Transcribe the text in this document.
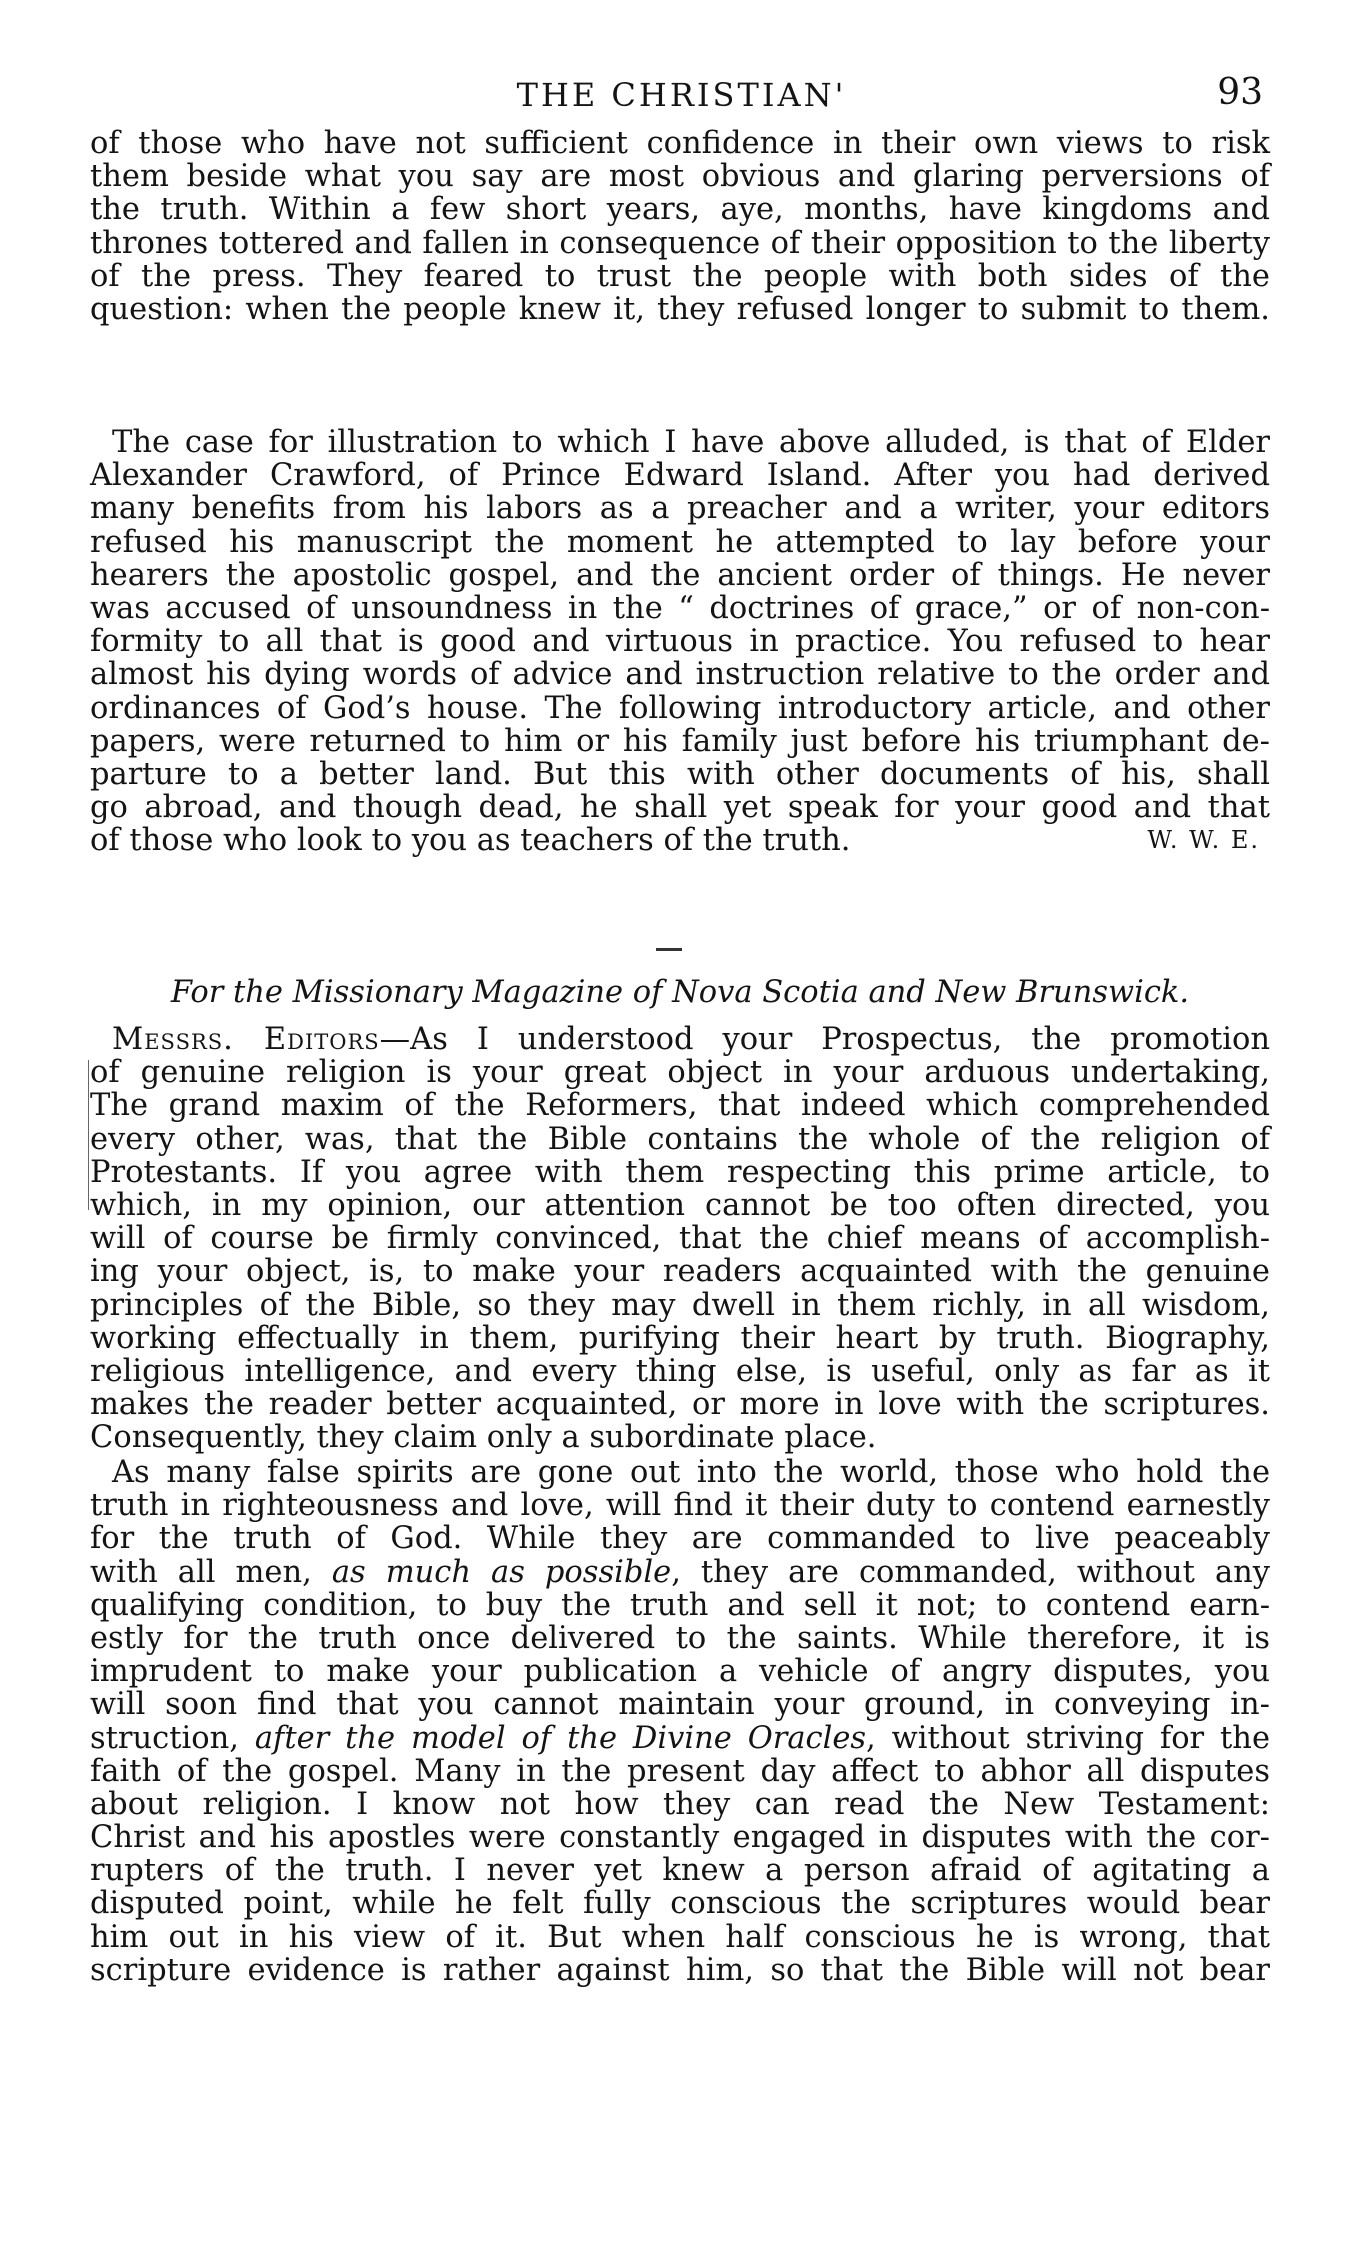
THE CHRISTIAN'	93
of those who have not sufficient confidence in their own views to risk
them beside what you say are most obvious and glaring perversions of
the truth. Within a few short years, aye, months, have kingdoms and
thrones tottered and fallen in consequence of their opposition to the liberty
of the press. They feared to trust the people with both sides of the
question: when the people knew it, they refused longer to submit to them.
The case for illustration to which I have above alluded, is that of Elder
Alexander Crawford, of Prince Edward Island. After you had derived
many benefits from his labors as a preacher and a writer, your editors
refused his manuscript the moment he attempted to lay before your
hearers the apostolic gospel, and the ancient order of things. He never
was accused of unsoundness in the “ doctrines of grace,” or of non-con-
formity to all that is good and virtuous in practice. You refused to hear
almost his dying words of advice and instruction relative to the order and
ordinances of God’s house. The following introductory article, and other
papers, were returned to him or his family just before his triumphant de-
parture to a better land. But this with other documents of his, shall
go abroad, and though dead, he shall yet speak for your good and that
of those who look to you as teachers of the truth.	W. W. E.
For the Missionary Magazine of Nova Scotia and New Brunswick.
Messrs. Editors—As I understood your Prospectus, the promotion
of genuine religion is your great object in your arduous undertaking,
The grand maxim of the Reformers, that indeed which comprehended
every other, was, that the Bible contains the whole of the religion of
Protestants. If you agree with them respecting this prime article, to
which, in my opinion, our attention cannot be too often directed, you
will of course be firmly convinced, that the chief means of accomplish-
ing your object, is, to make your readers acquainted with the genuine
principles of the Bible, so they may dwell in them richly, in all wisdom,
working effectually in them, purifying their heart by truth. Biography,
religious intelligence, and every thing else, is useful, only as far as it
makes the reader better acquainted, or more in love with the scriptures.
Consequently, they claim only a subordinate place.
As many false spirits are gone out into the world, those who hold the
truth in righteousness and love, will find it their duty to contend earnestly
for the truth of God. While they are commanded to live peaceably
with all men, as much as possible, they are commanded, without any
qualifying condition, to buy the truth and sell it not; to contend earn-
estly for the truth once delivered to the saints. While therefore, it is
imprudent to make your publication a vehicle of angry disputes, you
will soon find that you cannot maintain your ground, in conveying in-
struction, after the model of the Divine Oracles, without striving for the
faith of the gospel. Many in the present day affect to abhor all disputes
about religion. I know not how they can read the New Testament:
Christ and his apostles were constantly engaged in disputes with the cor-
rupters of the truth. I never yet knew a person afraid of agitating a
disputed point, while he felt fully conscious the scriptures would bear
him out in his view of it. But when half conscious he is wrong, that
scripture evidence is rather against him, so that the Bible will not bear
